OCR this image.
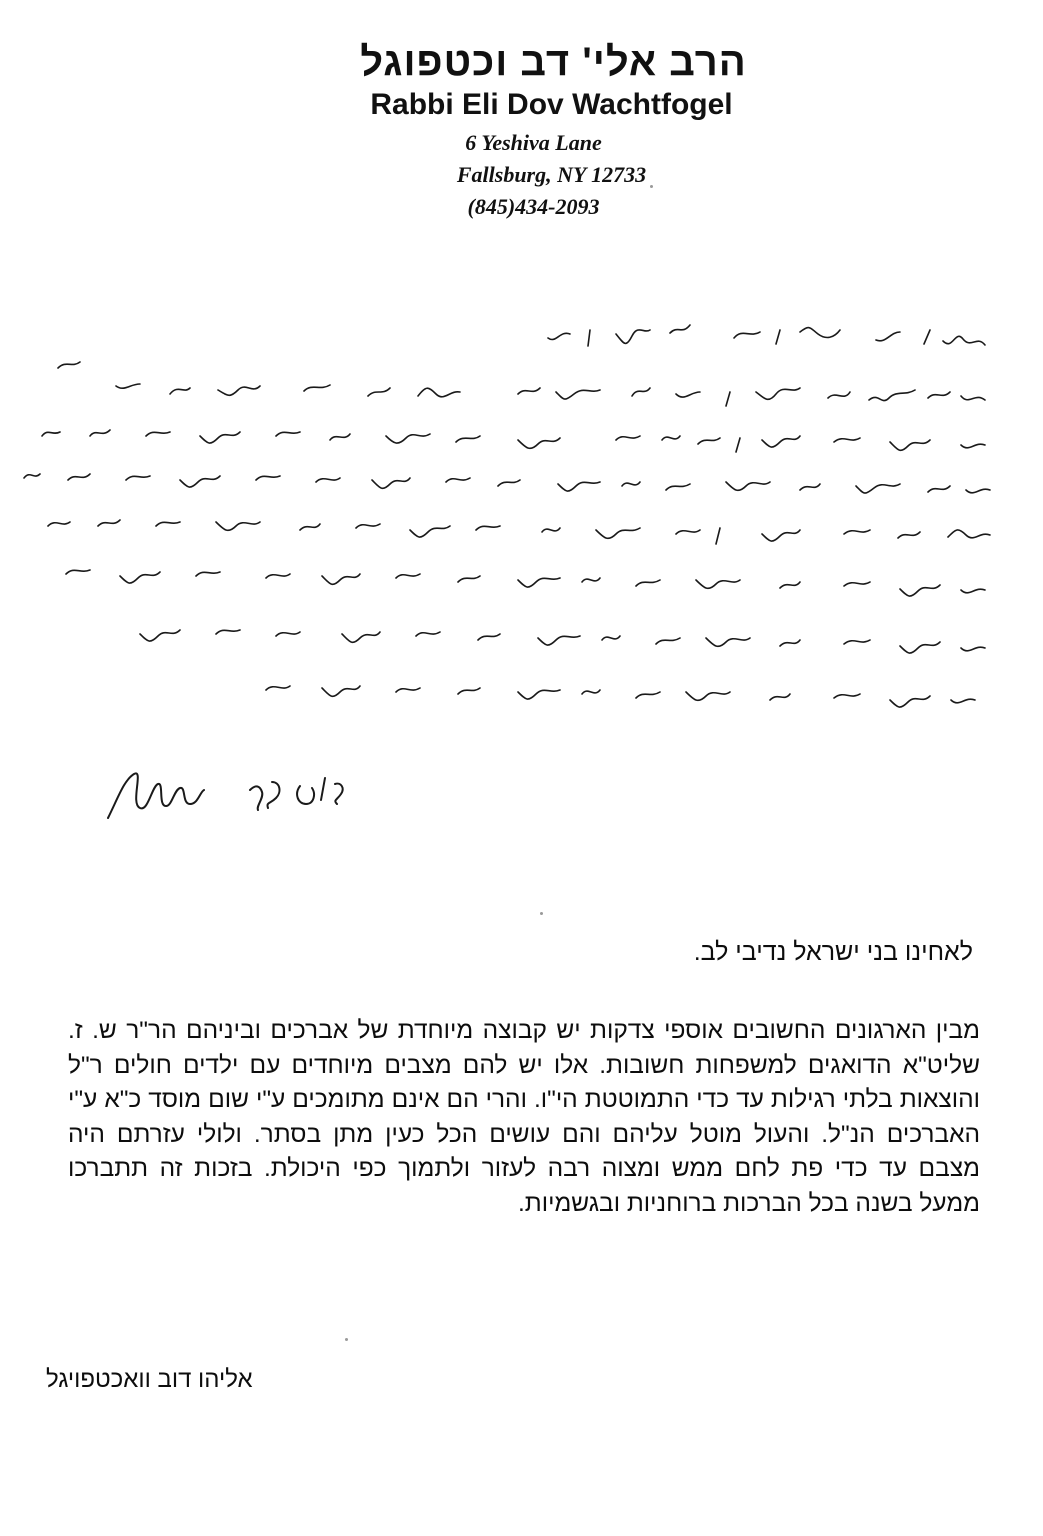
הרב אלי' דב וכטפוגל
Rabbi Eli Dov Wachtfogel
6 Yeshiva Lane
Fallsburg, NY 12733
(845)434-2093
לאחינו בני ישראל נדיבי לב.
מבין הארגונים החשובים אוספי צדקות יש קבוצה מיוחדת של אברכים וביניהם הר"ר ש. ז. שליט"א הדואגים למשפחות חשובות. אלו יש להם מצבים מיוחדים עם ילדים חולים ר"ל והוצאות בלתי רגילות עד כדי התמוטטת הי"ו. והרי הם אינם מתומכים ע"י שום מוסד כ"א ע"י האברכים הנ"ל. והעול מוטל עליהם והם עושים הכל כעין מתן בסתר. ולולי עזרתם היה מצבם עד כדי פת לחם ממש ומצוה רבה לעזור ולתמוך כפי היכולת. בזכות זה תתברכו ממעל בשנה בכל הברכות ברוחניות ובגשמיות.
אליהו דוב וואכטפויגל
